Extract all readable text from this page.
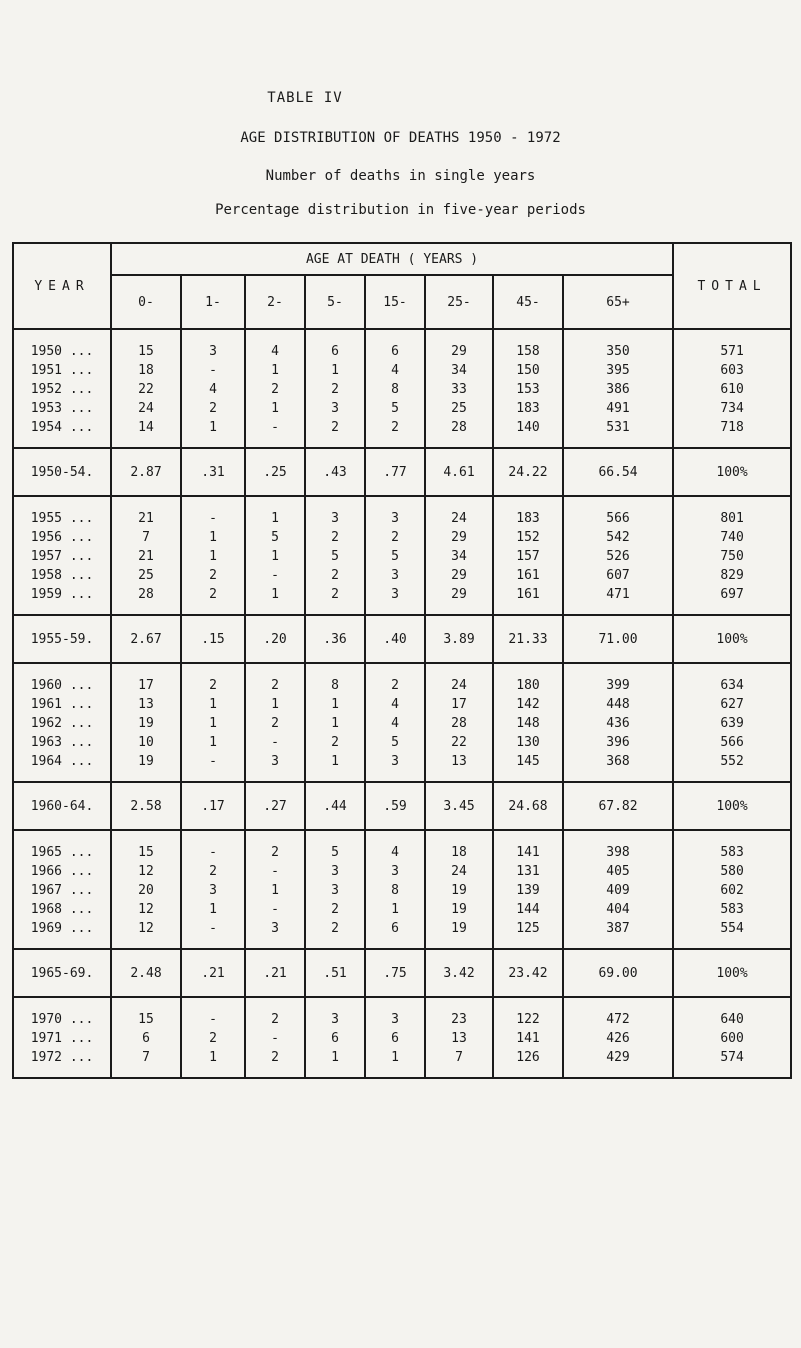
TABLE IV
AGE DISTRIBUTION OF DEATHS 1950 - 1972
Number of deaths in single years
Percentage distribution in five-year periods
YEAR	AGE AT DEATH ( YEARS )								TOTAL
	0-	1-	2-	5-	15-	25-	45-	65+	
1950 ...	15	3	4	6	6	29	158	350	571
1951 ...	18	-	1	1	4	34	150	395	603
1952 ...	22	4	2	2	8	33	153	386	610
1953 ...	24	2	1	3	5	25	183	491	734
1954 ...	14	1	-	2	2	28	140	531	718
1950-54.	2.87	.31	.25	.43	.77	4.61	24.22	66.54	100%
1955 ...	21	-	1	3	3	24	183	566	801
1956 ...	7	1	5	2	2	29	152	542	740
1957 ...	21	1	1	5	5	34	157	526	750
1958 ...	25	2	-	2	3	29	161	607	829
1959 ...	28	2	1	2	3	29	161	471	697
1955-59.	2.67	.15	.20	.36	.40	3.89	21.33	71.00	100%
1960 ...	17	2	2	8	2	24	180	399	634
1961 ...	13	1	1	1	4	17	142	448	627
1962 ...	19	1	2	1	4	28	148	436	639
1963 ...	10	1	-	2	5	22	130	396	566
1964 ...	19	-	3	1	3	13	145	368	552
1960-64.	2.58	.17	.27	.44	.59	3.45	24.68	67.82	100%
1965 ...	15	-	2	5	4	18	141	398	583
1966 ...	12	2	-	3	3	24	131	405	580
1967 ...	20	3	1	3	8	19	139	409	602
1968 ...	12	1	-	2	1	19	144	404	583
1969 ...	12	-	3	2	6	19	125	387	554
1965-69.	2.48	.21	.21	.51	.75	3.42	23.42	69.00	100%
1970 ...	15	-	2	3	3	23	122	472	640
1971 ...	6	2	-	6	6	13	141	426	600
1972 ...	7	1	2	1	1	7	126	429	574
